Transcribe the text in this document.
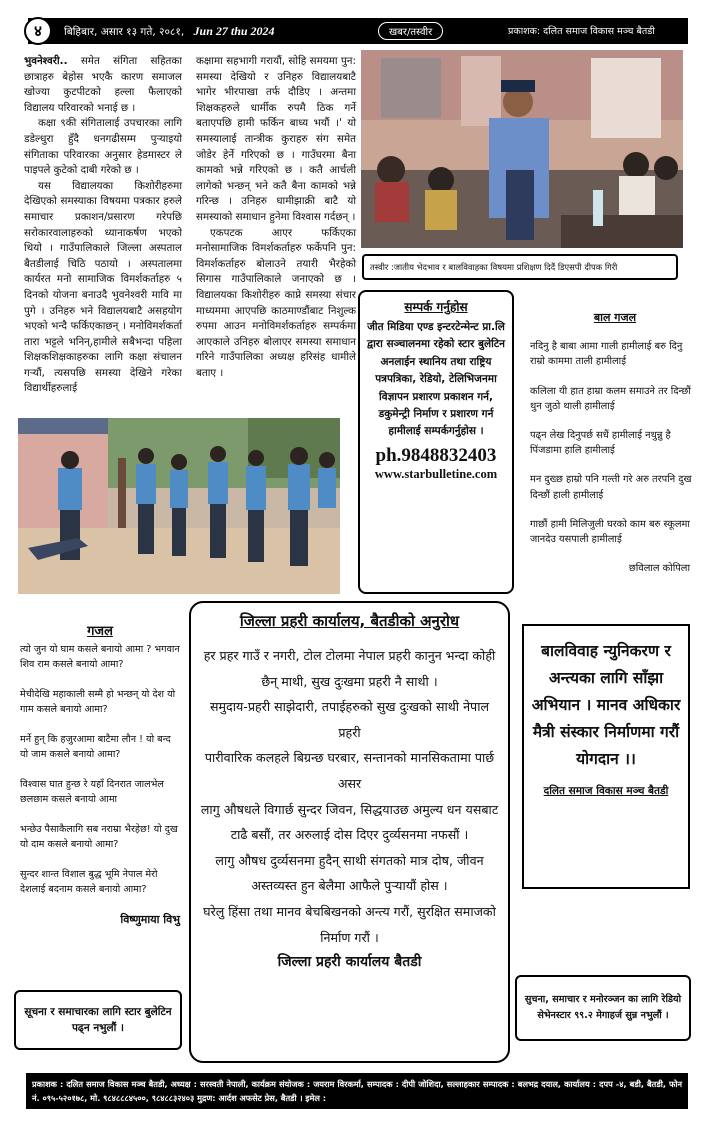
४	बिहिबार, असार १३ गते, २०८१, Jun 27 thu 2024	खबर/तस्वीर	प्रकाशक: दलित समाज विकास मञ्च बैतडी

भुवनेश्वरी.. समेत संगिता सहितका छात्राहरु बेहोस भएकै कारण समाजल खोज्या कुटपीटको हल्ला फैलाएको विद्यालय परिवारको भनाई छ ।

कक्षा ९की संगितालाई उपचारका लागि डडेल्धुरा हुँदै धनगढीसम्म पुऱ्याइयो संगिताका परिवारका अनुसार हेडमास्टर ले पाइपले कुटेको दाबी गरेको छ ।

यस विद्यालयका किशोरीहरुमा देखिएको समस्याका विषयमा पत्रकार हरुले समाचार प्रकाशन/प्रसारण गरेपछि सरोकारवालाहरुको ध्यानाकर्षण भएको थियो । गाउँपालिकाले जिल्ला अस्पताल बैतडीलाई चिठि पठायो । अस्पतालमा कार्यरत मनो सामाजिक विमर्शकर्ताहरु ५ दिनको योजना बनाउदै भुवनेश्वरी मावि मा पुगे । उनिहरु भने विद्यालयबाटै असहयोग भएको भन्दै फर्किएकाछन् । मनोविमर्शकर्ता तारा भट्टले भनिन्,हामीले सबैभन्दा पहिला शिक्षकशिक्षकाहरुका लागि कक्षा संचालन गऱ्यौं, त्यसपछि समस्या देखिने गरेका विद्यार्थीहरुलाई

कक्षामा सहभागी गरायौं, सोहि समयमा पुन: समस्या देखियो र उनिहरु विद्यालयबाटै भागेर भीरपाखा तर्फ दौडिए । अन्तमा शिक्षकहरुले धार्मीक रुपमै ठिक गर्ने बताएपछि हामी फर्किन बाध्य भयौं ।' यो समस्यालाई तान्त्रीक कुराहरु संग समेत जोडेर हेर्ने गरिएको छ । गाउँघरमा बैना कामको भन्ने गरिएको छ । कतै आर्चली लागेको भन्छन् भने कतै बैना कामको भन्ने गरिन्छ । उनिहरु धामीझाक्री बाटै यो समस्याको समाधान हुनेमा विश्वास गर्दछन् ।

एकपटक आएर फर्किएका मनोसामाजिक विमर्शकर्ताहरु फर्केपनि पुन: विमर्शकर्ताहरु बोलाउने तयारी भैरहेको सिगास गाउँपालिकाले जनाएको छ । विद्यालयका किशोरीहरु काप्ने समस्या संचार माध्यममा आएपछि काठमाण्डौंबाट निशुल्क रुपमा आउन मनोविमर्शकर्ताहरु सम्पर्कमा आएकाले उनिहरु बोलाएर समस्या समाधान गरिने गाउँपालिका अध्यक्ष हरिसंह धामीले बताए ।

तस्वीर :जातीय भेदभाव र बालविवाहका विषयमा प्रशिक्षण दिदैं डिएसपी दीपक गिरी
सम्पर्क गर्नुहोस
जीत मिडिया एण्ड इन्टरटेन्मेन्ट प्रा.लि द्वारा सञ्चालनमा रहेको स्टार बुलेटिन अनलाईन स्थानिय तथा राष्ट्रिय पत्रपत्रिका, रेडियो, टेलिभिजनमा विज्ञापन प्रशारण प्रकाशन गर्न, डकुमेन्ट्री निर्माण र प्रशारण गर्न हामीलाई सम्पर्कगर्नुहोस ।
ph.9848832403
www.starbulletine.com
बाल गजल
नदिनु है बाबा आमा गाली हामीलाई बरु दिनु राम्रो काममा ताली हामीलाई
कलिला यी हात हाम्रा कलम समाउने तर दिन्छौं थुन जुठो थाली हामीलाई
पढ्न लेख दिनुपर्छ सधैं हामीलाई नथुन्नु है पिंजडामा हालि हामीलाई
मन दुख्छ हाम्रो पनि गल्ती गरे अरु तरपनि दुख दिन्छौं हाली हामीलाई
गाछौं हामी मिलिजुली घरको काम बरु स्कूलमा जानदेउ यसपाली हामीलाई
छविलाल कोपिला
गजल
त्यो जुन यो घाम कसले बनायो आमा ? भगवान शिव राम कसले बनायो आमा?
मेचीदेखि महाकाली सम्मै हो भन्छन् यो देश यो गाम कसले बनायो आमा?
मर्ने हुन् कि हजुरआमा बाटैमा लौन ! यो बन्द यो जाम कसले बनायो आमा?
विश्वास घात हुन्छ रे यहाँ दिनरात जालभेल छलछाम कसले बनायो आमा
भन्छेउ पैसाकैलागि सब नराम्रा भैरहेछ! यो दुख यो दाम कसले बनायो आमा?
सुन्दर शान्त विशाल बुद्ध भूमि नेपाल मेरो देशलाई बदनाम कसले बनायो आमा?
विष्णुमाया विभु
सूचना र समाचारका लागि स्टार बुलेटिन पढ्न नभुलौं ।
जिल्ला प्रहरी कार्यालय, बैतडीको अनुरोध

हर प्रहर गाउँ र नगरी, टोल टोलमा नेपाल प्रहरी कानुन भन्दा कोही छैन् माथी, सुख दुःखमा प्रहरी नै साथी ।

समुदाय-प्रहरी साझेदारी, तपाईहरुको सुख दुःखको साथी नेपाल प्रहरी

पारीवारिक कलहले बिग्रन्छ घरबार, सन्तानको मानसिकतामा पार्छ असर

लागु औषधले विगार्छ सुन्दर जिवन, सिद्धयाउछ अमुल्य धन यसबाट टाढै बसौं, तर अरुलाई दोस दिएर दुर्व्यसनमा नफसौं ।

लागु औषध दुर्व्यसनमा हुदैन् साथी संगतको मात्र दोष, जीवन अस्तव्यस्त हुन बेलैमा आफैले पुऱ्यायौं होस ।

घरेलु हिंसा तथा मानव बेचबिखनको अन्त्य गरौं, सुरक्षित समाजको निर्माण गरौं ।

जिल्ला प्रहरी कार्यालय बैतडी
बालविवाह न्युनिकरण र अन्त्यका लागि साँझा अभियान । मानव अधिकार मैत्री संस्कार निर्माणमा गरौं योगदान ।।
दलित समाज विकास मञ्च बैतडी
सुचना, समाचार र मनोरञ्जन का लागि रेडियो सेभेनस्टार ९९.२ मेगाहर्ज सुन्न नभुलौं ।
प्रकाशक : दलित समाज विकास मञ्च बैतडी, अध्यक्ष : सरस्वती नेपाली, कार्यक्रम संयोजक : जयराम विरकर्मा, सम्पादक : दीपी जोशिदा, सल्लाहकार सम्पादक : बलभद्र दयाल, कार्यालय : दपप -४, बडी, बैतडी, फोन नं. ०९५-५२०१७८, मो. ९८४८८८४५००, ९८४८८३२४०३ मुद्रण: आर्दश अफसेट प्रेस, बैतडी । इमेल :
